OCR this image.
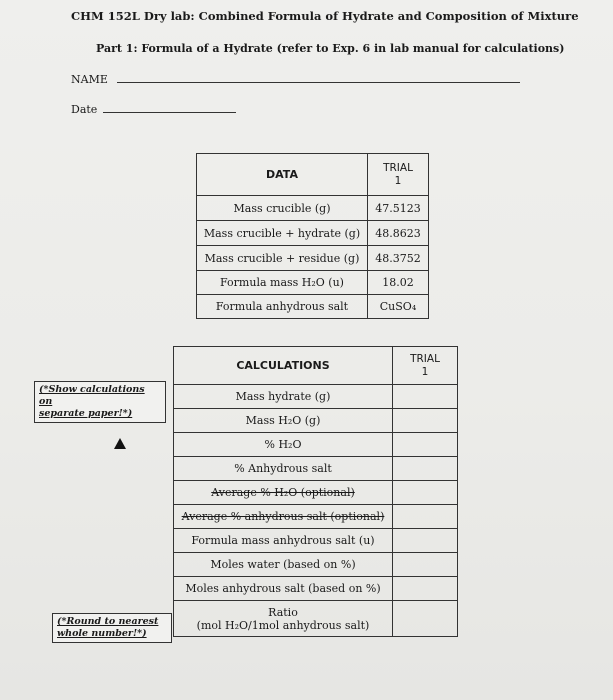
CHM 152L Dry lab: Combined Formula of Hydrate and Composition of Mixture
Part 1: Formula of a Hydrate (refer to Exp. 6 in lab manual for calculations)
NAME
Date
DATA	TRIAL
1
Mass crucible (g)	47.5123
Mass crucible + hydrate (g)	48.8623
Mass crucible + residue (g)	48.3752
Formula mass H₂O (u)	18.02
Formula anhydrous salt	CuSO₄
CALCULATIONS	TRIAL
1
Mass hydrate (g)	
Mass H₂O (g)	
% H₂O	
% Anhydrous salt	
Average % H₂O (optional)	
Average % anhydrous salt (optional)	
Formula mass anhydrous salt (u)	
Moles water (based on %)	
Moles anhydrous salt (based on %)	
Ratio
(mol H₂O/1mol anhydrous salt)	
(*Show calculations on
separate paper!*)
(*Round to nearest
whole number!*)
